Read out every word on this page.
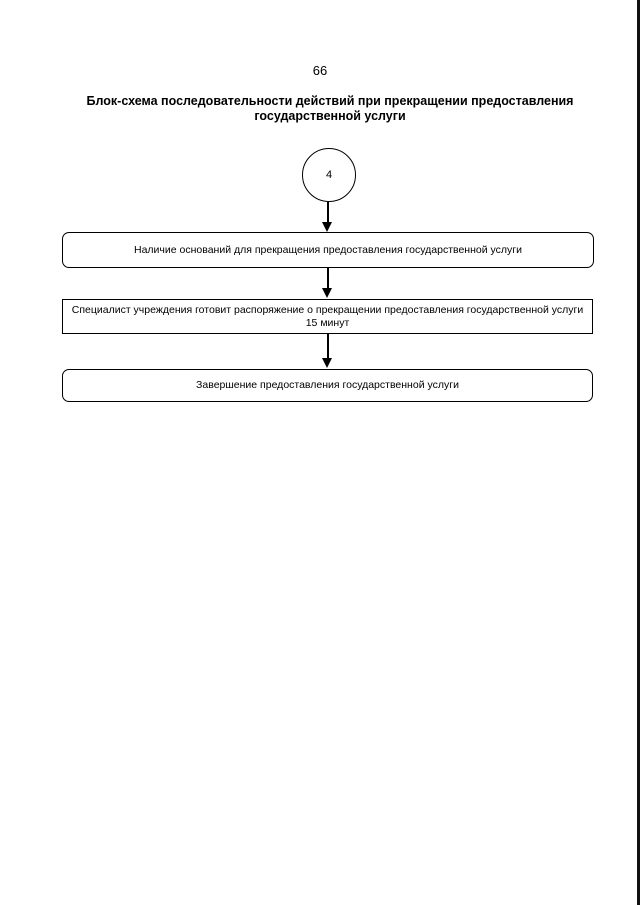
66
Блок-схема последовательности действий при прекращении предоставления
государственной услуги
4
Наличие оснований для прекращения предоставления государственной услуги
Специалист учреждения готовит распоряжение о прекращении предоставления государственной услуги
15 минут
Завершение предоставления государственной услуги
